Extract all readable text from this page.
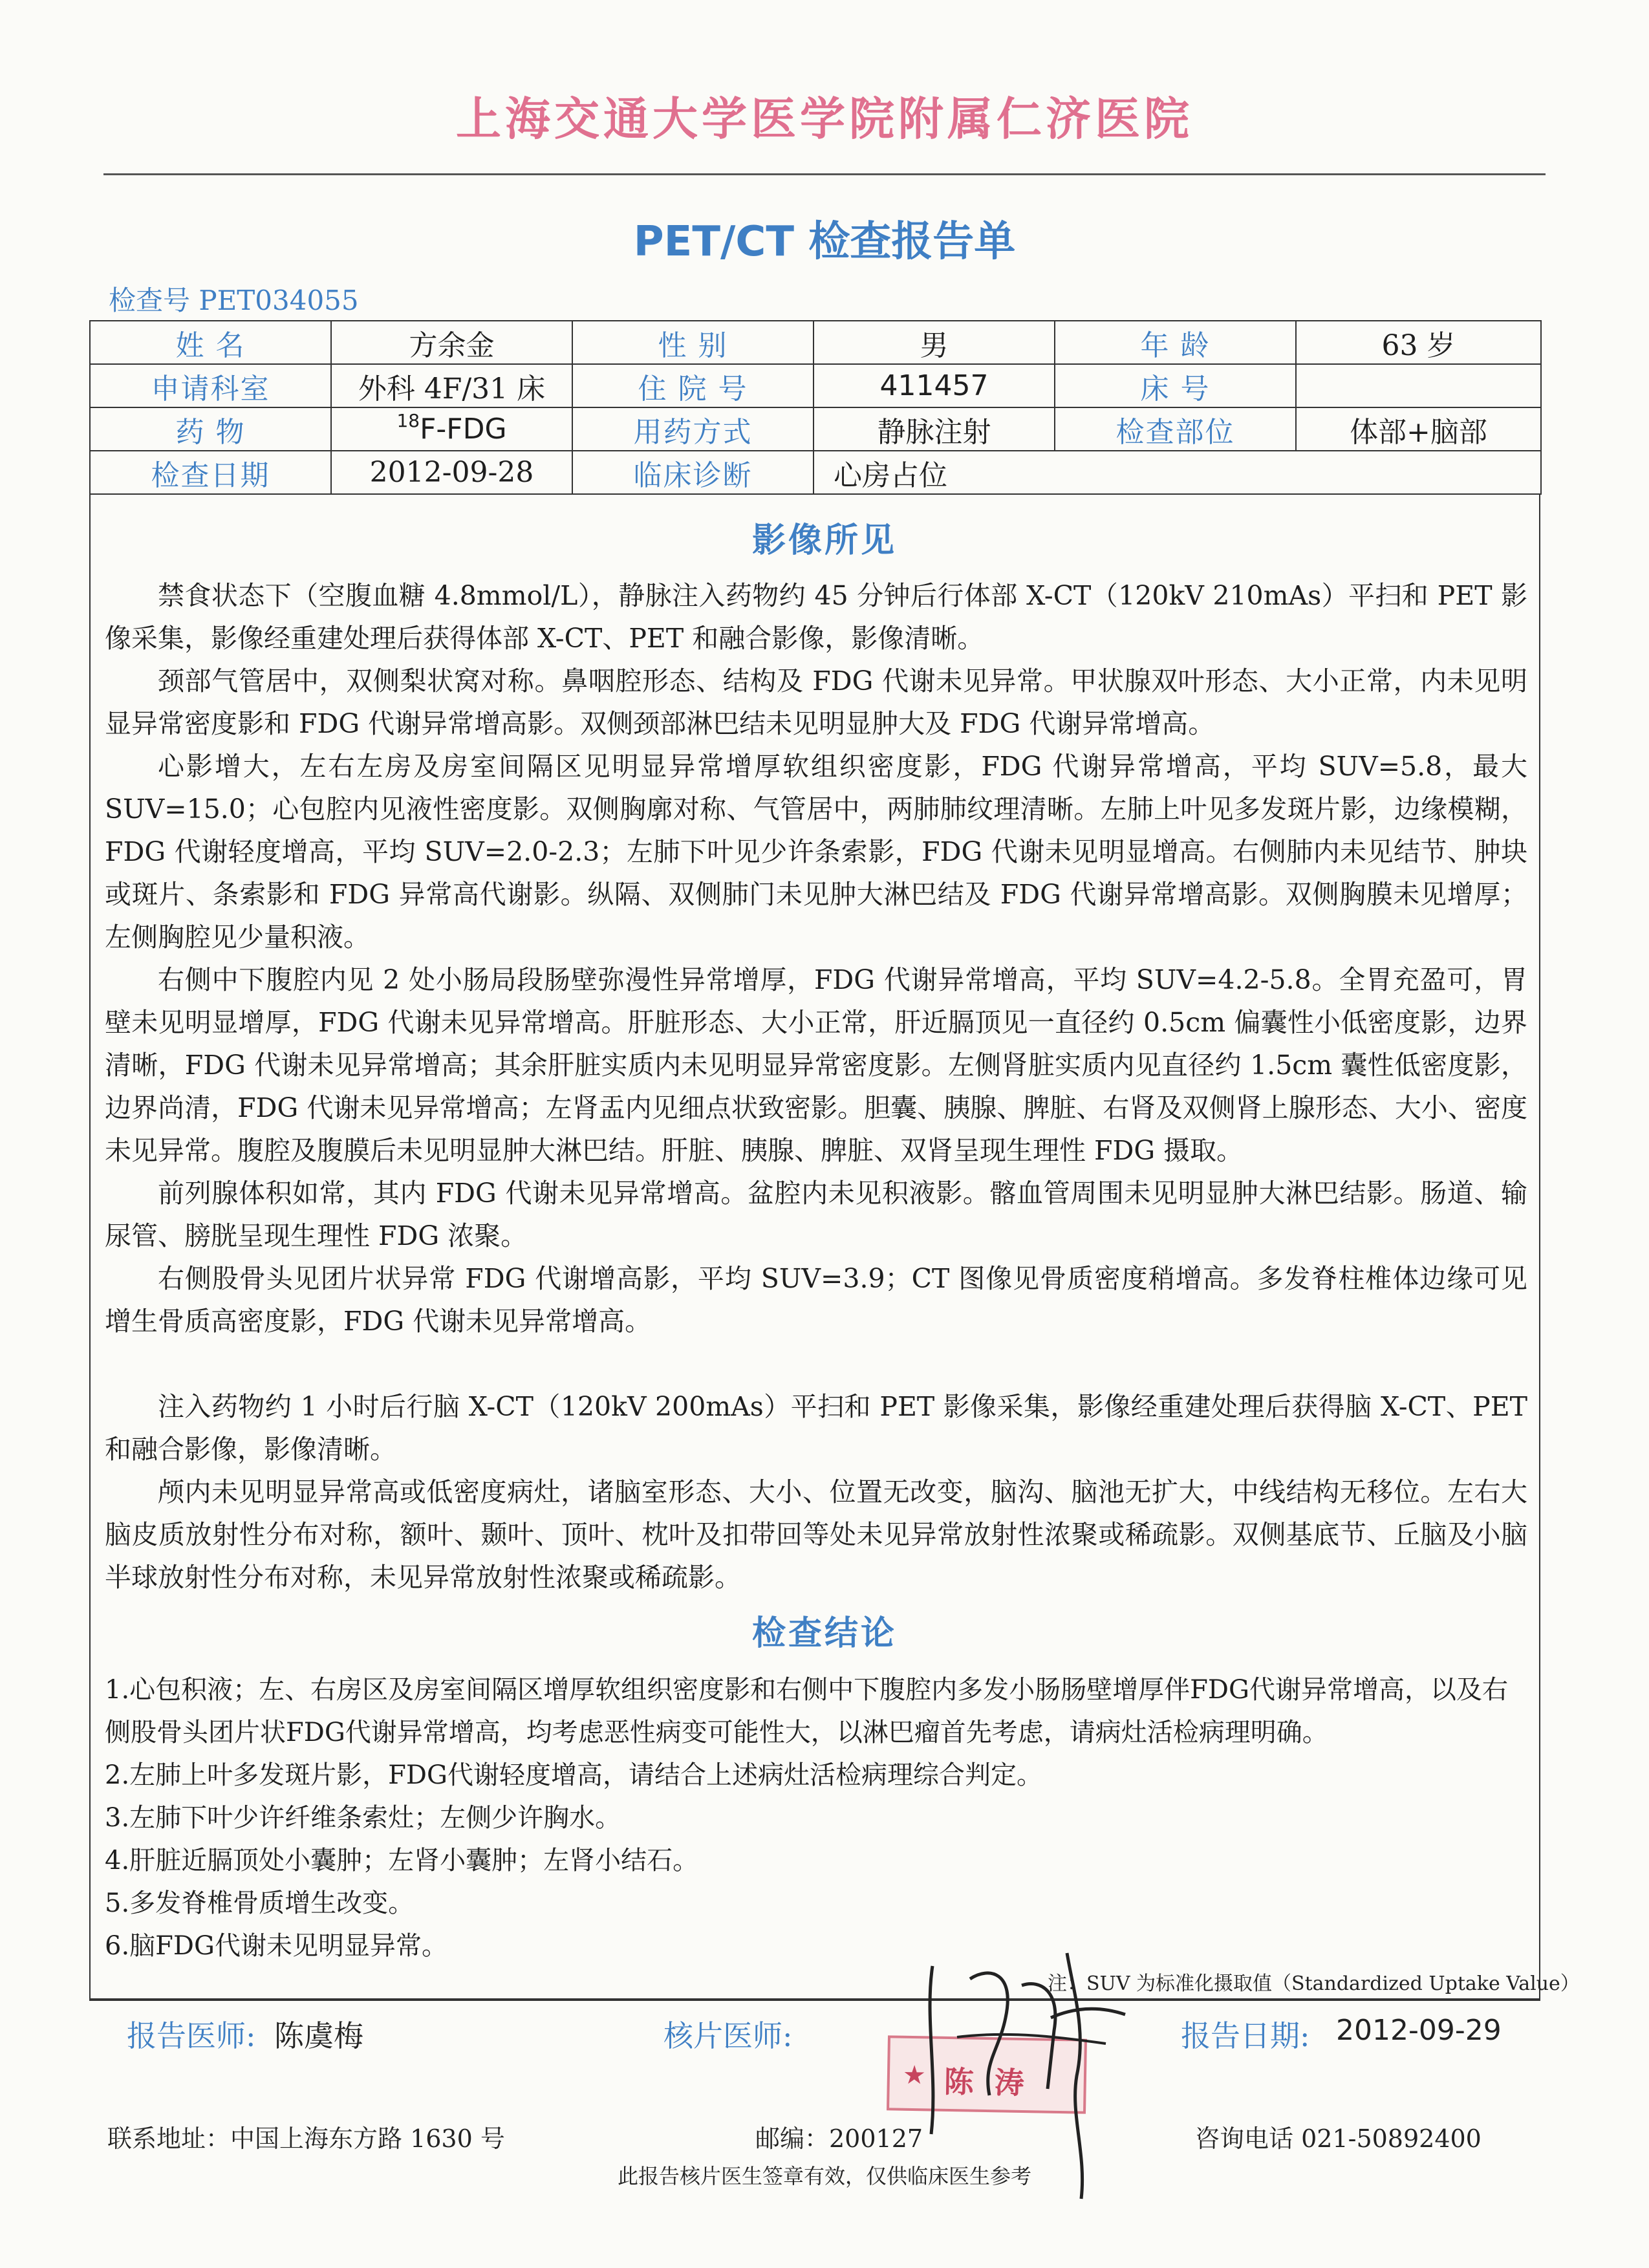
上海交通大学医学院附属仁济医院
PET/CT 检查报告单
检查号 PET034055
姓 名	方余金	性 别	男	年 龄	63 岁
申请科室	外科 4F/31 床	住 院 号	411457	床 号	
药 物	$^{18}$F-FDG	用药方式	静脉注射	检查部位	体部+脑部
检查日期	2012-09-28	临床诊断	心房占位		
影像所见

禁食状态下（空腹血糖 4.8mmol/L），静脉注入药物约 45 分钟后行体部 X-CT（120kV 210mAs）平扫和 PET 影像采集，影像经重建处理后获得体部 X-CT、PET 和融合影像，影像清晰。

颈部气管居中，双侧梨状窝对称。鼻咽腔形态、结构及 FDG 代谢未见异常。甲状腺双叶形态、大小正常，内未见明显异常密度影和 FDG 代谢异常增高影。双侧颈部淋巴结未见明显肿大及 FDG 代谢异常增高。

心影增大，左右左房及房室间隔区见明显异常增厚软组织密度影，FDG 代谢异常增高，平均 SUV=5.8，最大 SUV=15.0；心包腔内见液性密度影。双侧胸廓对称、气管居中，两肺肺纹理清晰。左肺上叶见多发斑片影，边缘模糊，FDG 代谢轻度增高，平均 SUV=2.0-2.3；左肺下叶见少许条索影，FDG 代谢未见明显增高。右侧肺内未见结节、肿块或斑片、条索影和 FDG 异常高代谢影。纵隔、双侧肺门未见肿大淋巴结及 FDG 代谢异常增高影。双侧胸膜未见增厚；左侧胸腔见少量积液。

右侧中下腹腔内见 2 处小肠局段肠壁弥漫性异常增厚，FDG 代谢异常增高，平均 SUV=4.2-5.8。全胃充盈可，胃壁未见明显增厚，FDG 代谢未见异常增高。肝脏形态、大小正常，肝近膈顶见一直径约 0.5cm 偏囊性小低密度影，边界清晰，FDG 代谢未见异常增高；其余肝脏实质内未见明显异常密度影。左侧肾脏实质内见直径约 1.5cm 囊性低密度影，边界尚清，FDG 代谢未见异常增高；左肾盂内见细点状致密影。胆囊、胰腺、脾脏、右肾及双侧肾上腺形态、大小、密度未见异常。腹腔及腹膜后未见明显肿大淋巴结。肝脏、胰腺、脾脏、双肾呈现生理性 FDG 摄取。

前列腺体积如常，其内 FDG 代谢未见异常增高。盆腔内未见积液影。髂血管周围未见明显肿大淋巴结影。肠道、输尿管、膀胱呈现生理性 FDG 浓聚。

右侧股骨头见团片状异常 FDG 代谢增高影，平均 SUV=3.9；CT 图像见骨质密度稍增高。多发脊柱椎体边缘可见增生骨质高密度影，FDG 代谢未见异常增高。

注入药物约 1 小时后行脑 X-CT（120kV 200mAs）平扫和 PET 影像采集，影像经重建处理后获得脑 X-CT、PET 和融合影像，影像清晰。

颅内未见明显异常高或低密度病灶，诸脑室形态、大小、位置无改变，脑沟、脑池无扩大，中线结构无移位。左右大脑皮质放射性分布对称，额叶、颞叶、顶叶、枕叶及扣带回等处未见异常放射性浓聚或稀疏影。双侧基底节、丘脑及小脑半球放射性分布对称，未见异常放射性浓聚或稀疏影。

检查结论

1.心包积液；左、右房区及房室间隔区增厚软组织密度影和右侧中下腹腔内多发小肠肠壁增厚伴FDG代谢异常增高，以及右侧股骨头团片状FDG代谢异常增高，均考虑恶性病变可能性大，以淋巴瘤首先考虑，请病灶活检病理明确。

2.左肺上叶多发斑片影，FDG代谢轻度增高，请结合上述病灶活检病理综合判定。

3.左肺下叶少许纤维条索灶；左侧少许胸水。

4.肝脏近膈顶处小囊肿；左肾小囊肿；左肾小结石。

5.多发脊椎骨质增生改变。

6.脑FDG代谢未见明显异常。

注：SUV 为标准化摄取值（Standardized Uptake Value）
报告医师: 陈虞梅	核片医师:	报告日期: 2012-09-29
★ 陈 涛
联系地址：中国上海东方路 1630 号	邮编：200127	咨询电话 021-50892400
此报告核片医生签章有效，仅供临床医生参考
